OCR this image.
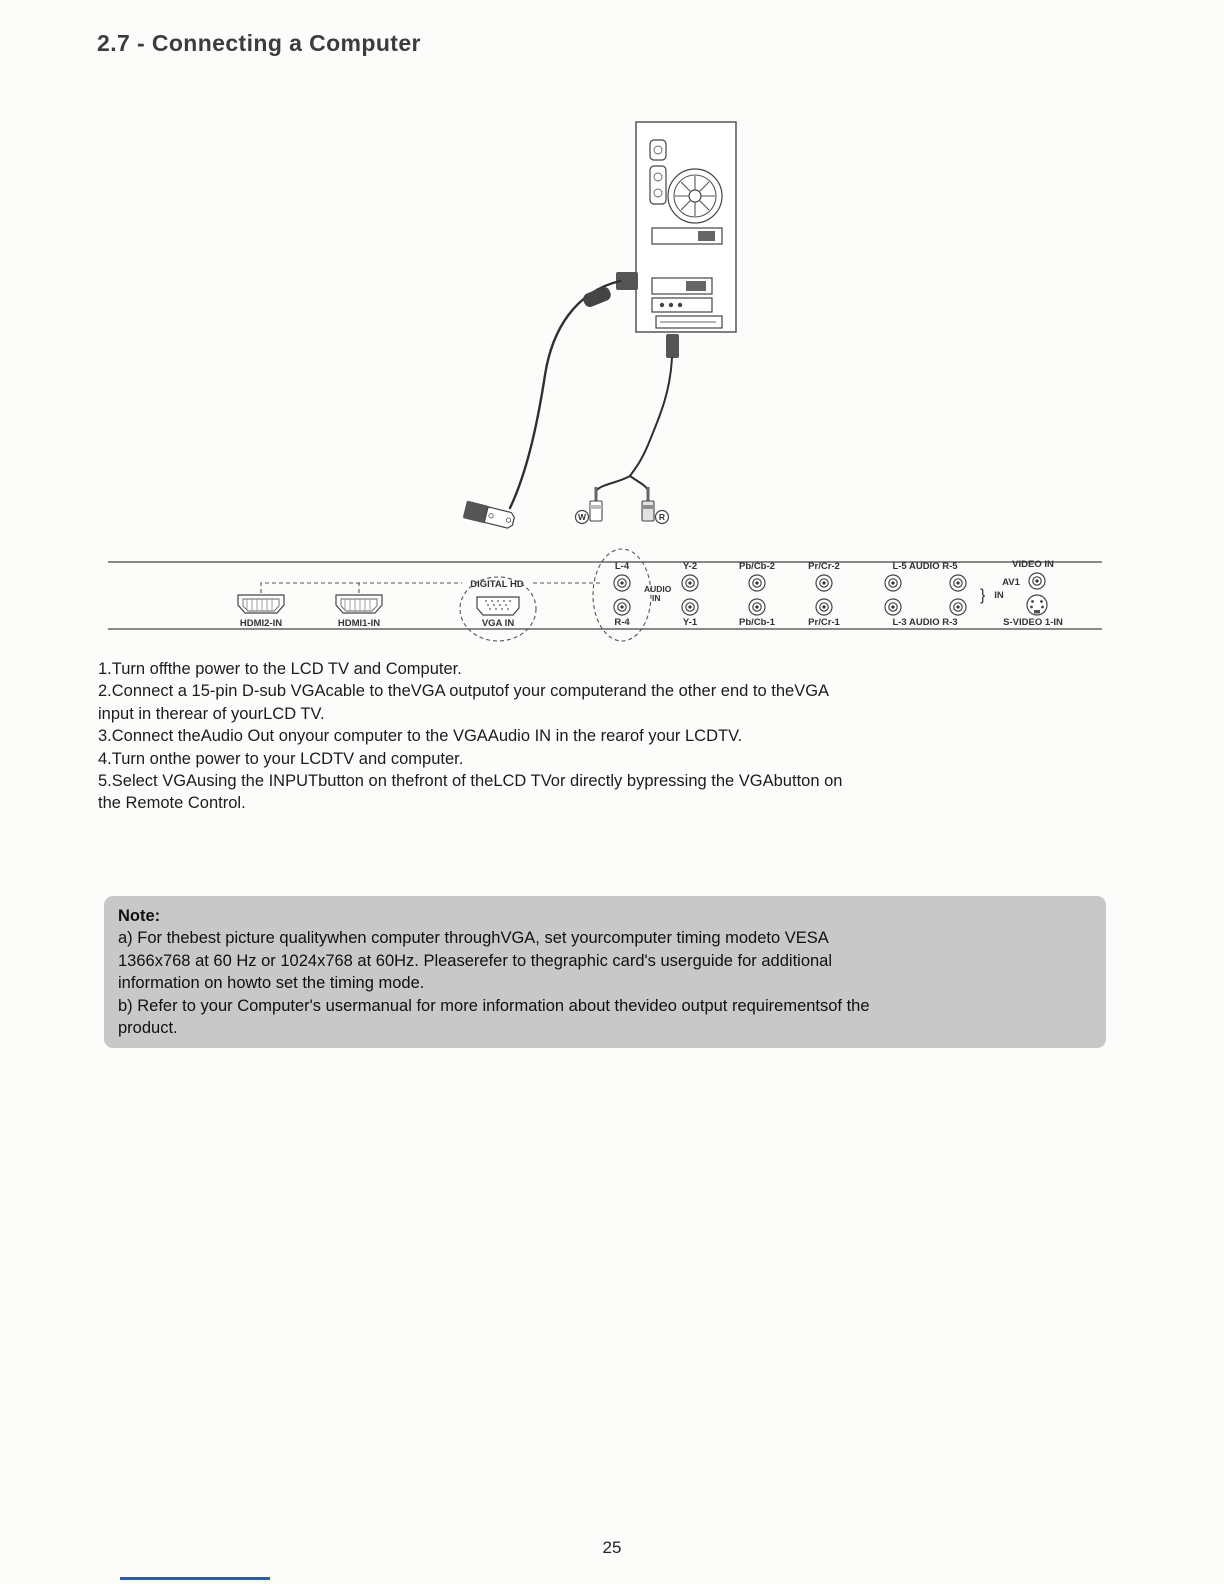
2.7 - Connecting a Computer
W	R
HDMI2-IN	HDMI1-IN
DIGITAL HD
VGA IN
L-4
AUDIO
IN
R-4
Y-2
Y-1
Pb/Cb-2
Pb/Cb-1
Pr/Cr-2
Pr/Cr-1
L-5 AUDIO R-5
L-3 AUDIO R-3
} IN
VIDEO IN
AV1
S-VIDEO 1-IN
1.Turn offthe power to the LCD TV and Computer.
2.Connect a 15-pin D-sub VGAcable to theVGA outputof your computerand the other end to theVGA
input in therear of yourLCD TV.
3.Connect theAudio Out onyour computer to the VGAAudio IN in the rearof your LCDTV.
4.Turn onthe power to your LCDTV and computer.
5.Select VGAusing the INPUTbutton on thefront of theLCD TVor directly bypressing the VGAbutton on
the Remote Control.
Note:
a) For thebest picture qualitywhen computer throughVGA, set yourcomputer timing modeto VESA
1366x768 at 60 Hz or 1024x768 at 60Hz. Pleaserefer to thegraphic card's userguide for additional
information on howto set the timing mode.
b) Refer to your Computer's usermanual for more information about thevideo output requirementsof the
product.
25
